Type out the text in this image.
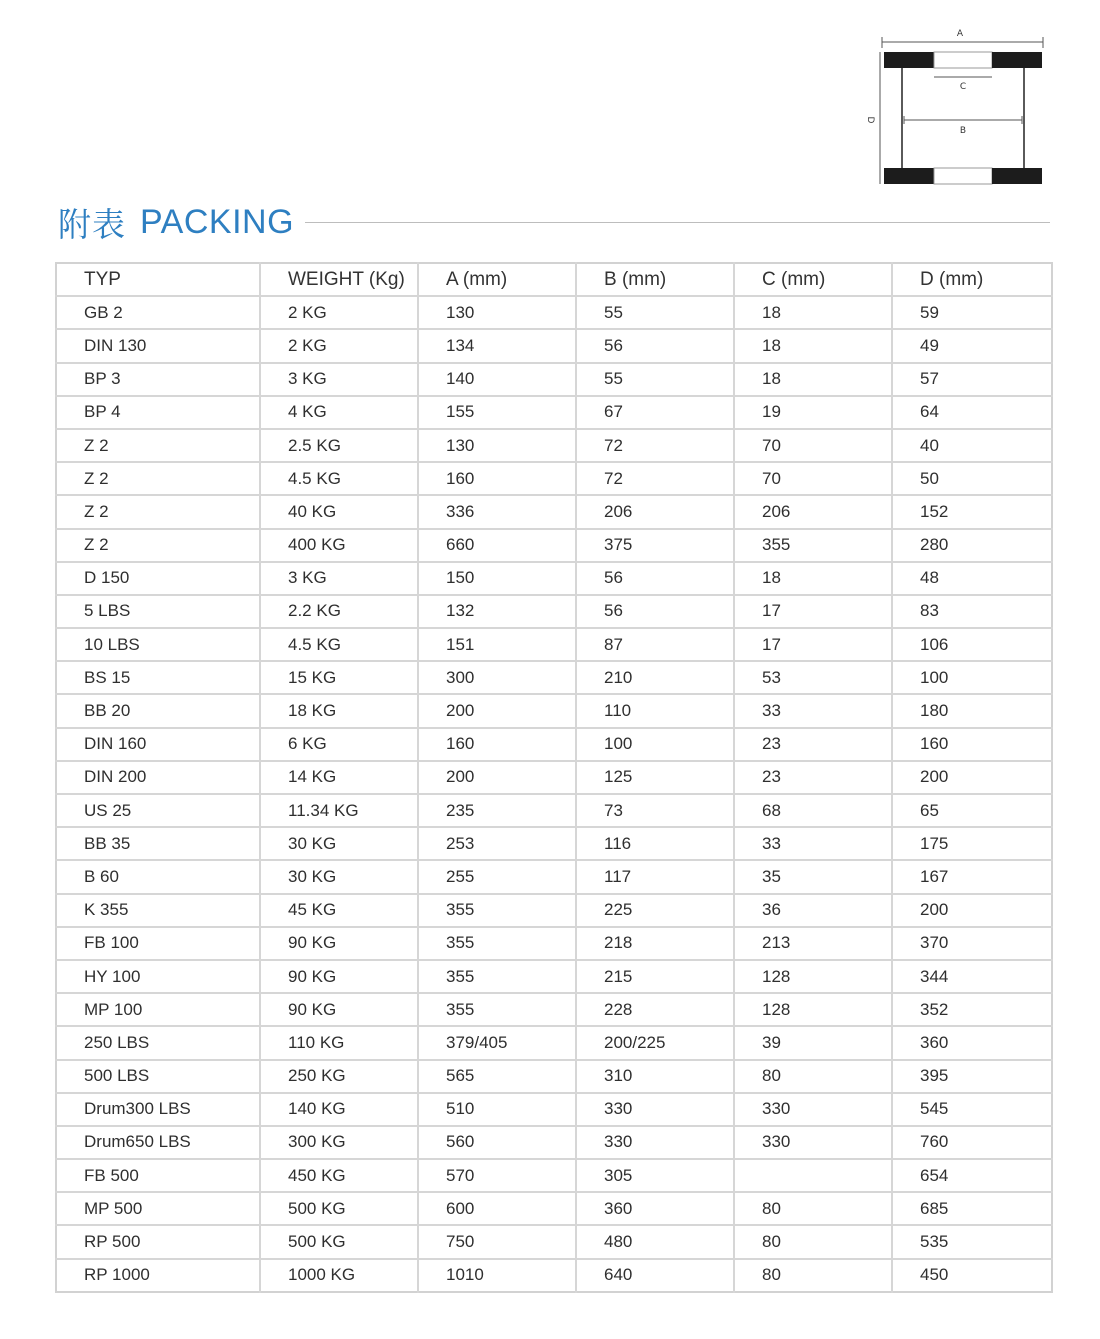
A
C
B
D
附表 PACKING
TYP	WEIGHT (Kg)	A (mm)	B (mm)	C (mm)	D (mm)
GB 2	2 KG	130	55	18	59
DIN 130	2 KG	134	56	18	49
BP 3	3 KG	140	55	18	57
BP 4	4 KG	155	67	19	64
Z 2	2.5 KG	130	72	70	40
Z 2	4.5 KG	160	72	70	50
Z 2	40 KG	336	206	206	152
Z 2	400 KG	660	375	355	280
D 150	3 KG	150	56	18	48
5 LBS	2.2 KG	132	56	17	83
10 LBS	4.5 KG	151	87	17	106
BS 15	15 KG	300	210	53	100
BB 20	18 KG	200	110	33	180
DIN 160	6 KG	160	100	23	160
DIN 200	14 KG	200	125	23	200
US 25	11.34 KG	235	73	68	65
BB 35	30 KG	253	116	33	175
B 60	30 KG	255	117	35	167
K 355	45 KG	355	225	36	200
FB 100	90 KG	355	218	213	370
HY 100	90 KG	355	215	128	344
MP 100	90 KG	355	228	128	352
250 LBS	110 KG	379/405	200/225	39	360
500 LBS	250 KG	565	310	80	395
Drum300 LBS	140 KG	510	330	330	545
Drum650 LBS	300 KG	560	330	330	760
FB 500	450 KG	570	305		654
MP 500	500 KG	600	360	80	685
RP 500	500 KG	750	480	80	535
RP 1000	1000 KG	1010	640	80	450
